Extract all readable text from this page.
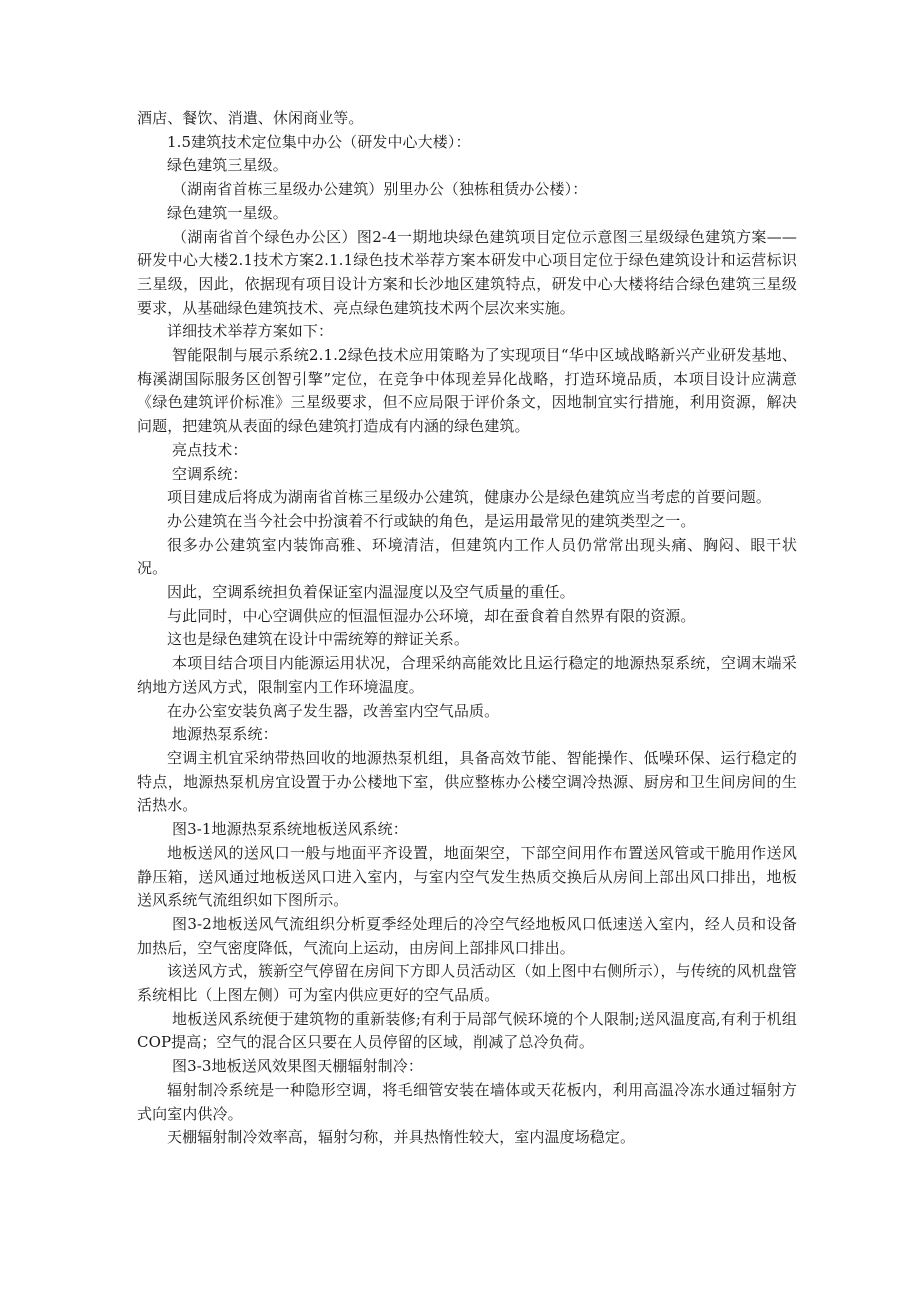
酒店、餐饮、消遣、休闲商业等。

1.5建筑技术定位集中办公（研发中心大楼）：

绿色建筑三星级。

（湖南省首栋三星级办公建筑）别里办公（独栋租赁办公楼）：

绿色建筑一星级。

（湖南省首个绿色办公区）图2-4一期地块绿色建筑项目定位示意图三星级绿色建筑方案——研发中心大楼2.1技术方案2.1.1绿色技术举荐方案本研发中心项目定位于绿色建筑设计和运营标识三星级，因此，依据现有项目设计方案和长沙地区建筑特点，研发中心大楼将结合绿色建筑三星级要求，从基础绿色建筑技术、亮点绿色建筑技术两个层次来实施。

详细技术举荐方案如下：

智能限制与展示系统2.1.2绿色技术应用策略为了实现项目“华中区域战略新兴产业研发基地、梅溪湖国际服务区创智引擎”定位，在竞争中体现差异化战略，打造环境品质，本项目设计应满意《绿色建筑评价标准》三星级要求，但不应局限于评价条文，因地制宜实行措施，利用资源，解决问题，把建筑从表面的绿色建筑打造成有内涵的绿色建筑。

亮点技术：

空调系统：

项目建成后将成为湖南省首栋三星级办公建筑，健康办公是绿色建筑应当考虑的首要问题。

办公建筑在当今社会中扮演着不行或缺的角色，是运用最常见的建筑类型之一。

很多办公建筑室内装饰高雅、环境清洁，但建筑内工作人员仍常常出现头痛、胸闷、眼干状况。

因此，空调系统担负着保证室内温湿度以及空气质量的重任。

与此同时，中心空调供应的恒温恒湿办公环境，却在蚕食着自然界有限的资源。

这也是绿色建筑在设计中需统筹的辩证关系。

本项目结合项目内能源运用状况，合理采纳高能效比且运行稳定的地源热泵系统，空调末端采纳地方送风方式，限制室内工作环境温度。

在办公室安装负离子发生器，改善室内空气品质。

地源热泵系统：

空调主机宜采纳带热回收的地源热泵机组，具备高效节能、智能操作、低噪环保、运行稳定的特点，地源热泵机房宜设置于办公楼地下室，供应整栋办公楼空调冷热源、厨房和卫生间房间的生活热水。

图3-1地源热泵系统地板送风系统：

地板送风的送风口一般与地面平齐设置，地面架空，下部空间用作布置送风管或干脆用作送风静压箱，送风通过地板送风口进入室内，与室内空气发生热质交换后从房间上部出风口排出，地板送风系统气流组织如下图所示。

图3-2地板送风气流组织分析夏季经处理后的冷空气经地板风口低速送入室内，经人员和设备加热后，空气密度降低，气流向上运动，由房间上部排风口排出。

该送风方式，簇新空气停留在房间下方即人员活动区（如上图中右侧所示），与传统的风机盘管系统相比（上图左侧）可为室内供应更好的空气品质。

地板送风系统便于建筑物的重新装修;有利于局部气候环境的个人限制;送风温度高,有利于机组COP提高；空气的混合区只要在人员停留的区域，削减了总冷负荷。

图3-3地板送风效果图天棚辐射制冷：

辐射制冷系统是一种隐形空调，将毛细管安装在墙体或天花板内，利用高温冷冻水通过辐射方式向室内供冷。

天棚辐射制冷效率高，辐射匀称，并具热惰性较大，室内温度场稳定。
